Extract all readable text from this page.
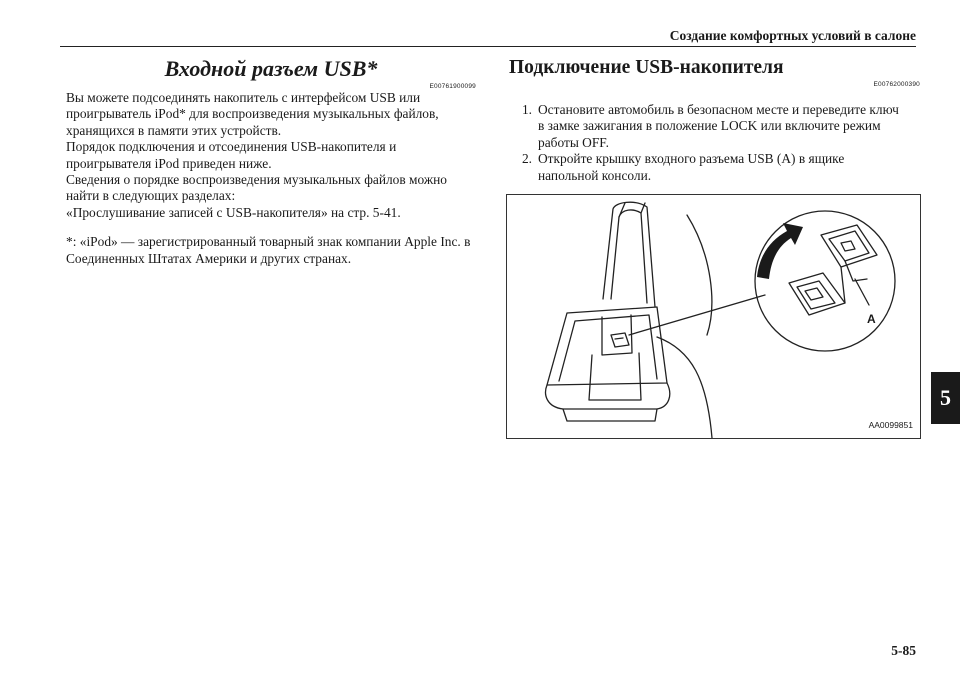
Создание комфортных условий в салоне
5
Входной разъем USB*
E00761900099

Вы можете подсоединять накопитель с интерфейсом USB или проигрыватель iPod* для воспроизведения музыкальных файлов, хранящихся в памяти этих устройств.

Порядок подключения и отсоединения USB-накопителя и проигрывателя iPod приведен ниже.

Сведения о порядке воспроизведения музыкальных файлов можно найти в следующих разделах:

«Прослушивание записей с USB-накопителя» на стр. 5-41.

*: «iPod» — зарегистрированный товарный знак компании Apple Inc. в Соединенных Штатах Америки и других странах.

Подключение USB-накопителя
E00762000390
1. Остановите автомобиль в безопасном месте и переведите ключ в замке зажигания в положение LOCK или включите режим работы OFF.
2. Откройте крышку входного разъема USB (A) в ящике напольной консоли.
A
AA0099851
5-85
